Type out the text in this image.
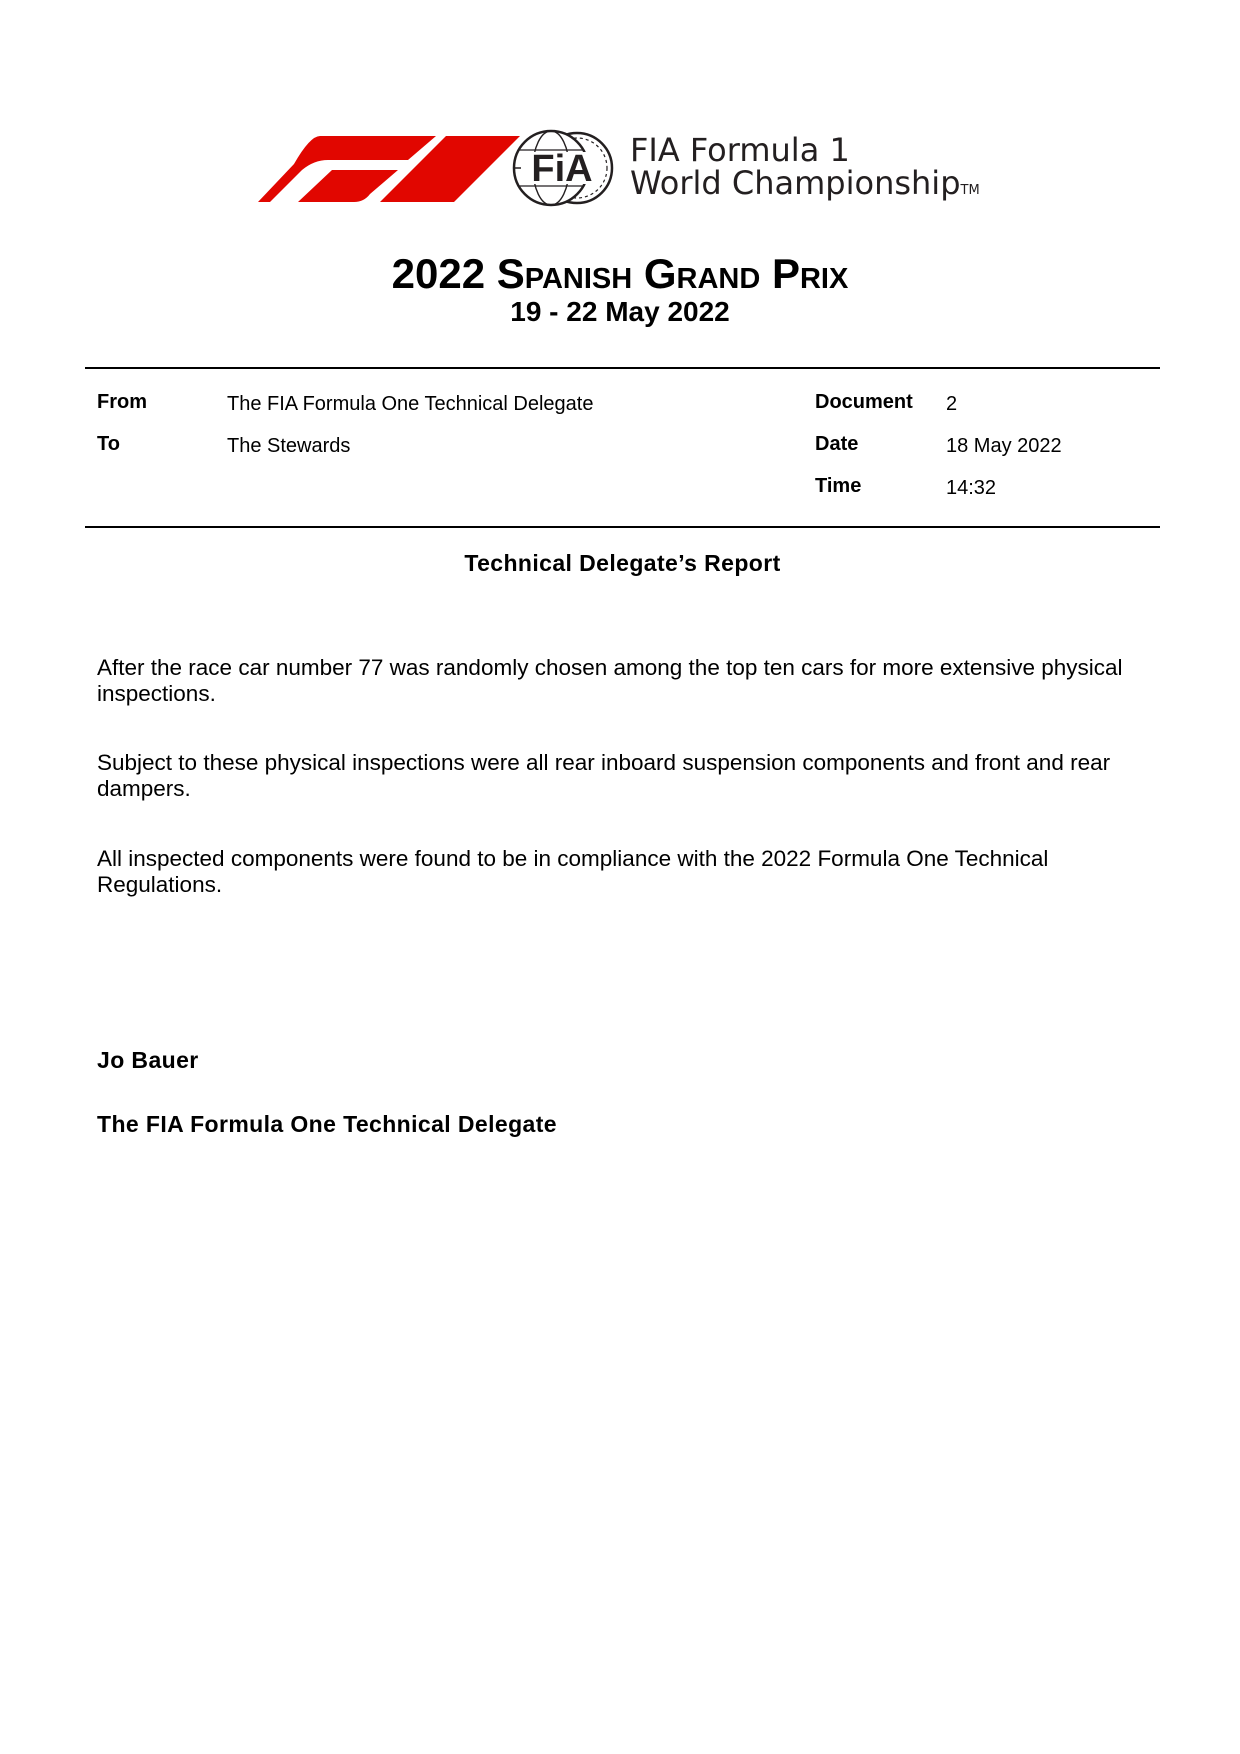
FiA FIA Formula 1
World ChampionshipTM
2022 Spanish Grand Prix
19 - 22 May 2022
From	The FIA Formula One Technical Delegate
To	The Stewards
Document 2
Date	18 May 2022
Time	14:32
Technical Delegate’s Report
After the race car number 77 was randomly chosen among the top ten cars for more extensive physical inspections.
Subject to these physical inspections were all rear inboard suspension components and front and rear dampers.
All inspected components were found to be in compliance with the 2022 Formula One Technical Regulations.
Jo Bauer
The FIA Formula One Technical Delegate
